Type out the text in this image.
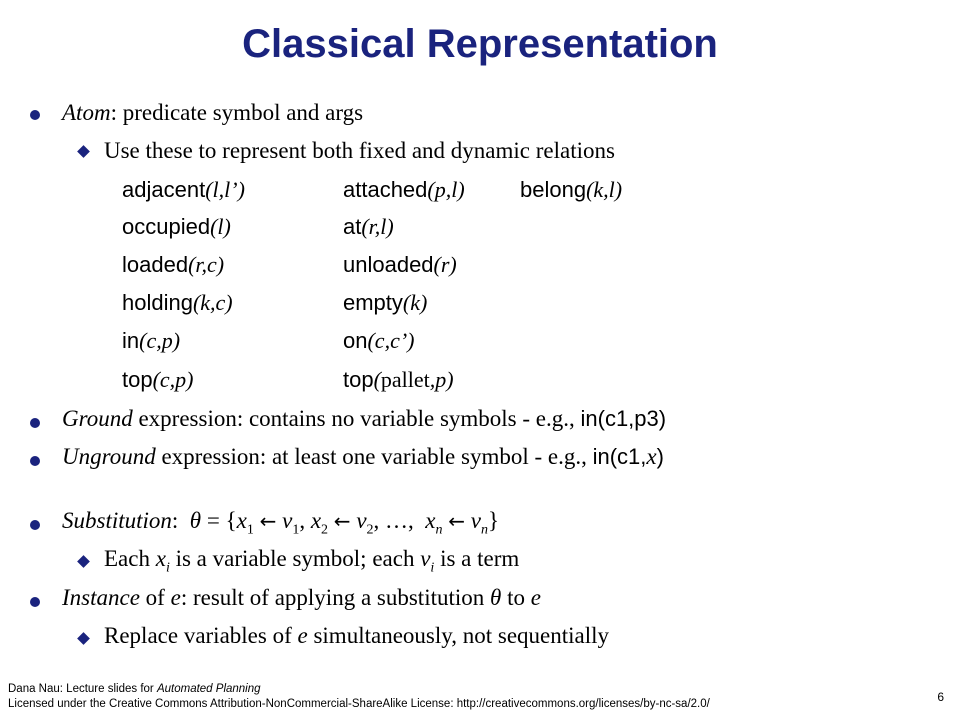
Classical Representation
Atom: predicate symbol and args
Use these to represent both fixed and dynamic relations
adjacent(l,l’)	attached(p,l)	belong(k,l)
occupied(l)	at(r,l)
loaded(r,c)	unloaded(r)
holding(k,c)	empty(k)
in(c,p)	on(c,c’)
top(c,p)	top(pallet,p)
Ground expression: contains no variable symbols - e.g., in(c1,p3)
Unground expression: at least one variable symbol - e.g., in(c1,x)
Substitution: $\theta = \{x_1$ ← $v_1$, $x_2$ ← $v_2$, …, $x_n$ ← $v_n$}
Each $x_i$ is a variable symbol; each $v_i$ is a term
Instance of e: result of applying a substitution θ to e
Replace variables of e simultaneously, not sequentially
Dana Nau: Lecture slides for Automated Planning
Licensed under the Creative Commons Attribution-NonCommercial-ShareAlike License: http://creativecommons.org/licenses/by-nc-sa/2.0/	6
